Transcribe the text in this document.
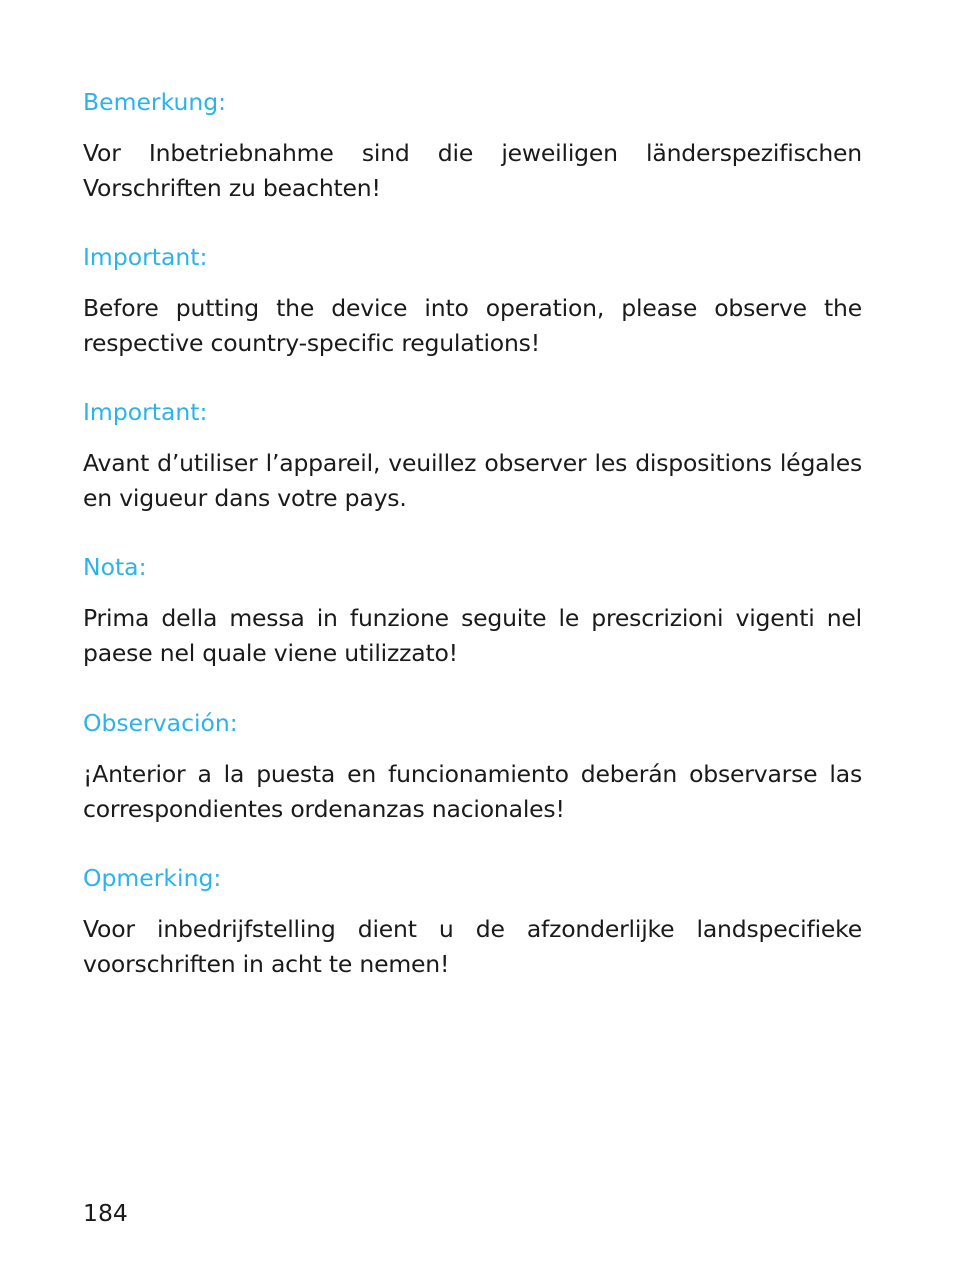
Bemerkung:

Vor Inbetriebnahme sind die jeweiligen länderspezifischen Vorschriften zu beachten!

Important:

Before putting the device into operation, please observe the respective country-specific regulations!

Important:

Avant d’utiliser l’appareil, veuillez observer les dispositions légales en vigueur dans votre pays.

Nota:

Prima della messa in funzione seguite le prescrizioni vigenti nel paese nel quale viene utilizzato!

Observación:

¡Anterior a la puesta en funcionamiento deberán observarse las correspondientes ordenanzas nacionales!

Opmerking:

Voor inbedrijfstelling dient u de afzonderlijke landspecifieke voorschriften in acht te nemen!

184
